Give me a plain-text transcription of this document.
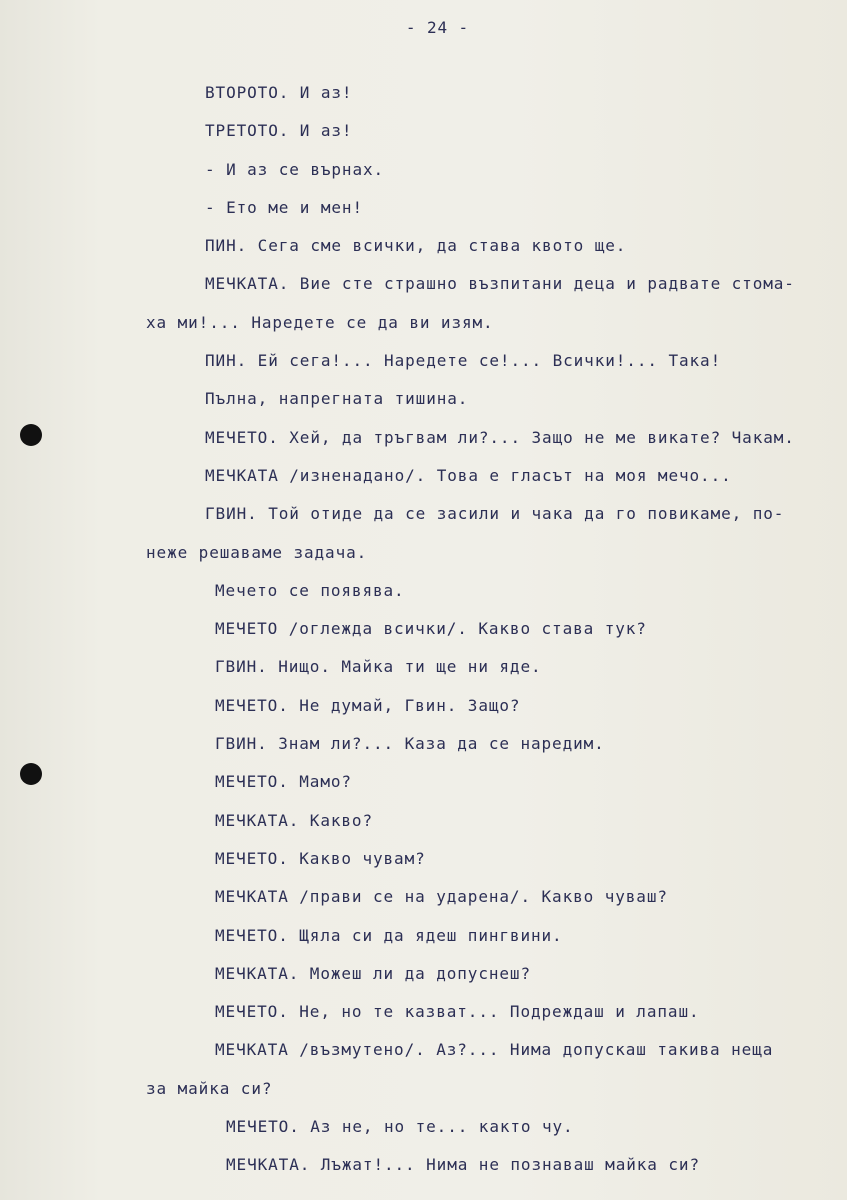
- 24 -
ВТОРОТО. И аз!
ТРЕТОТО. И аз!
- И аз се върнах.
- Ето ме и мен!
ПИН. Сега сме всички, да става квото ще.
МЕЧКАТА. Вие сте страшно възпитани деца и радвате стома-
ха ми!... Наредете се да ви изям.
ПИН. Ей сега!... Наредете се!... Всички!... Така!
Пълна, напрегната тишина.
МЕЧЕТО. Хей, да тръгвам ли?... Защо не ме викате? Чакам.
МЕЧКАТА /изненадано/. Това е гласът на моя мечо...
ГВИН. Той отиде да се засили и чака да го повикаме, по-
неже решаваме задача.
Мечето се появява.
МЕЧЕТО /оглежда всички/. Какво става тук?
ГВИН. Нищо. Майка ти ще ни яде.
МЕЧЕТО. Не думай, Гвин. Защо?
ГВИН. Знам ли?... Каза да се наредим.
МЕЧЕТО. Мамо?
МЕЧКАТА. Какво?
МЕЧЕТО. Какво чувам?
МЕЧКАТА /прави се на ударена/. Какво чуваш?
МЕЧЕТО. Щяла си да ядеш пингвини.
МЕЧКАТА. Можеш ли да допуснеш?
МЕЧЕТО. Не, но те казват... Подреждаш и лапаш.
МЕЧКАТА /възмутено/. Аз?... Нима допускаш такива неща
за майка си?
МЕЧЕТО. Аз не, но те... както чу.
МЕЧКАТА. Лъжат!... Нима не познаваш майка си?
